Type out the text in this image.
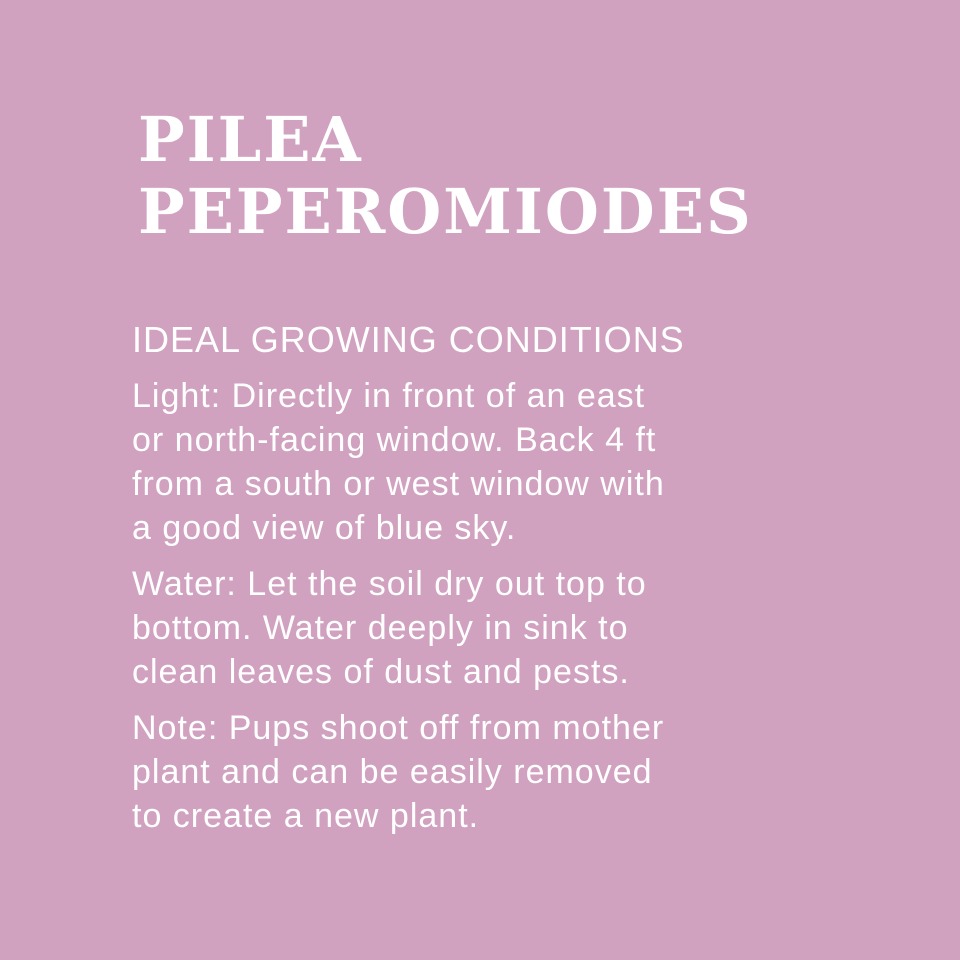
PILEA
PEPEROMIODES
IDEAL GROWING CONDITIONS

Light: Directly in front of an east
or north-facing window. Back 4 ft
from a south or west window with
a good view of blue sky.

Water: Let the soil dry out top to
bottom. Water deeply in sink to
clean leaves of dust and pests.

Note: Pups shoot off from mother
plant and can be easily removed
to create a new plant.
